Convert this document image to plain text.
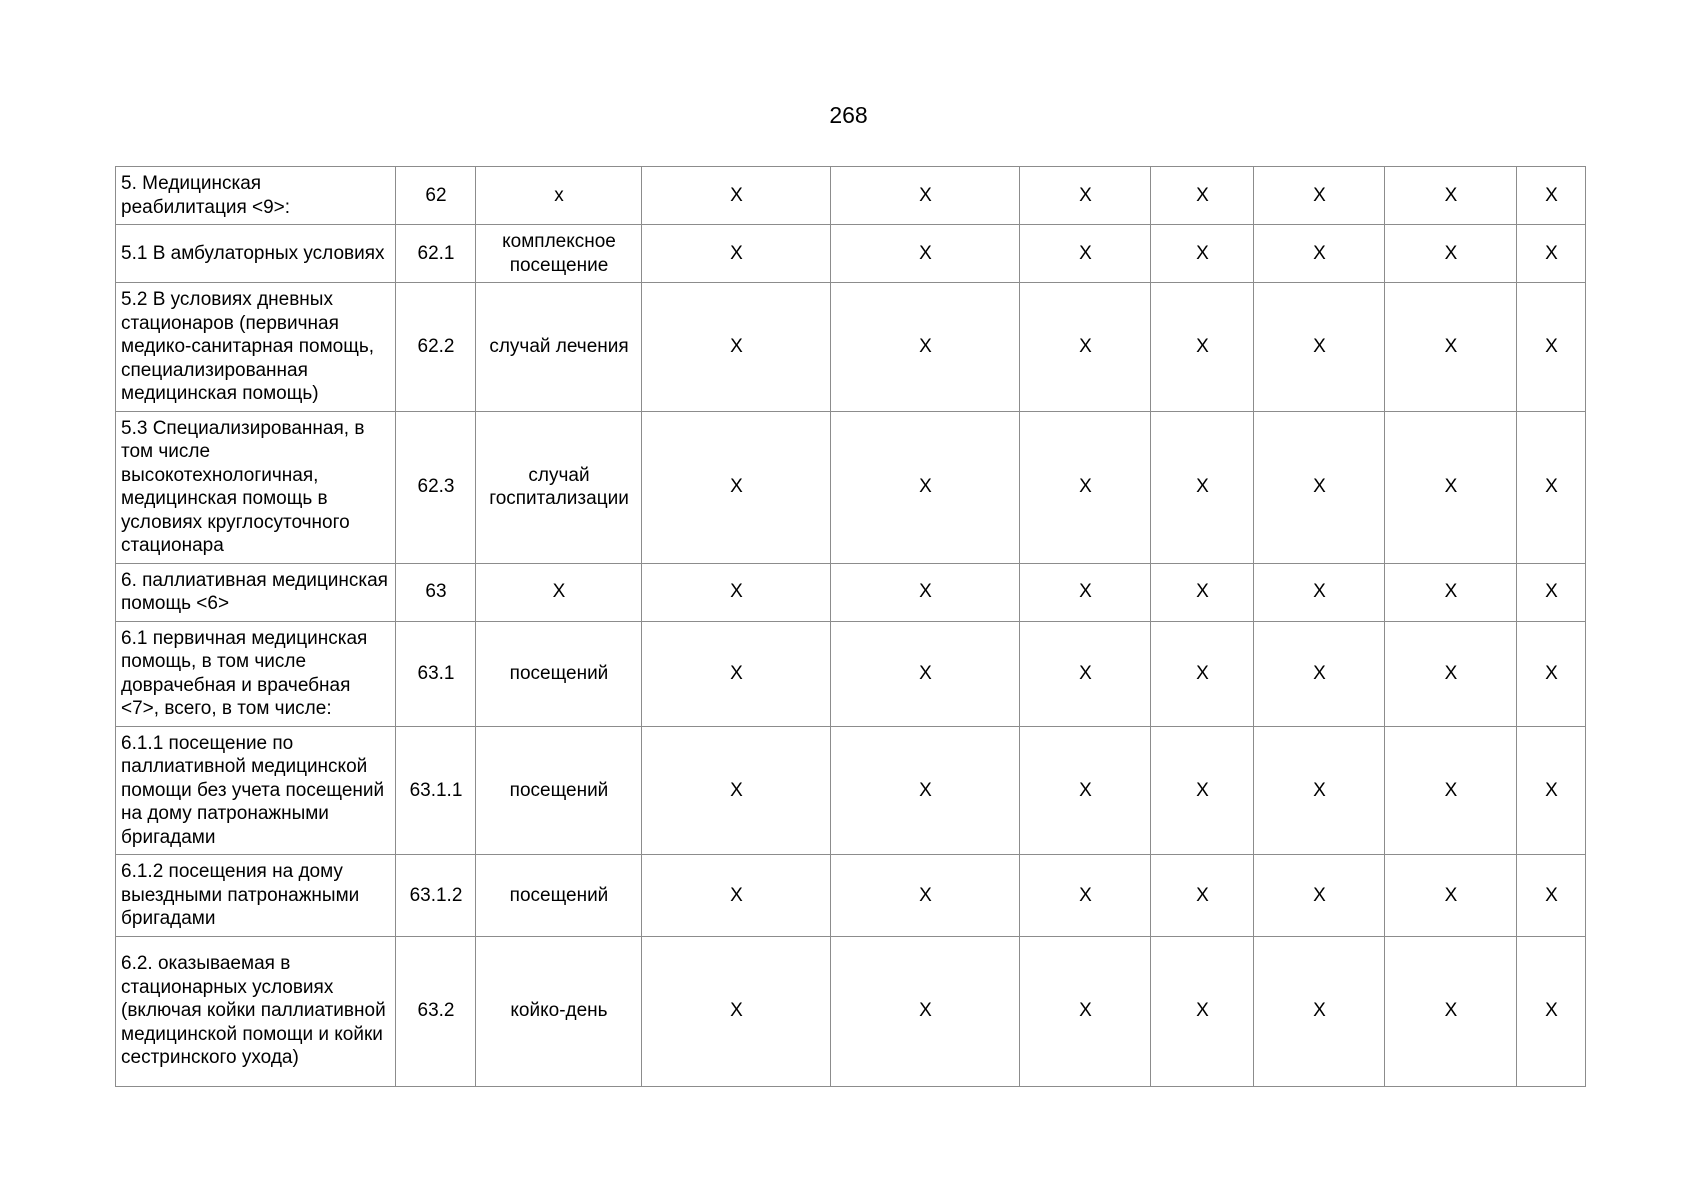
268
5. Медицинская реабилитация <9>:	62	x	X	X	X	X	X	X	X
5.1 В амбулаторных условиях	62.1	комплексное посещение	X	X	X	X	X	X	X
5.2 В условиях дневных стационаров (первичная медико-санитарная помощь, специализированная медицинская помощь)	62.2	случай лечения	X	X	X	X	X	X	X
5.3 Специализированная, в том числе высокотехнологичная, медицинская помощь в условиях круглосуточного стационара	62.3	случай госпитализации	X	X	X	X	X	X	X
6. паллиативная медицинская помощь <6>	63	X	X	X	X	X	X	X	X
6.1 первичная медицинская помощь, в том числе доврачебная и врачебная <7>, всего, в том числе:	63.1	посещений	X	X	X	X	X	X	X
6.1.1 посещение по паллиативной медицинской помощи без учета посещений на дому патронажными бригадами	63.1.1	посещений	X	X	X	X	X	X	X
6.1.2 посещения на дому выездными патронажными бригадами	63.1.2	посещений	X	X	X	X	X	X	X
6.2. оказываемая в стационарных условиях (включая койки паллиативной медицинской помощи и койки сестринского ухода)	63.2	койко-день	X	X	X	X	X	X	X
